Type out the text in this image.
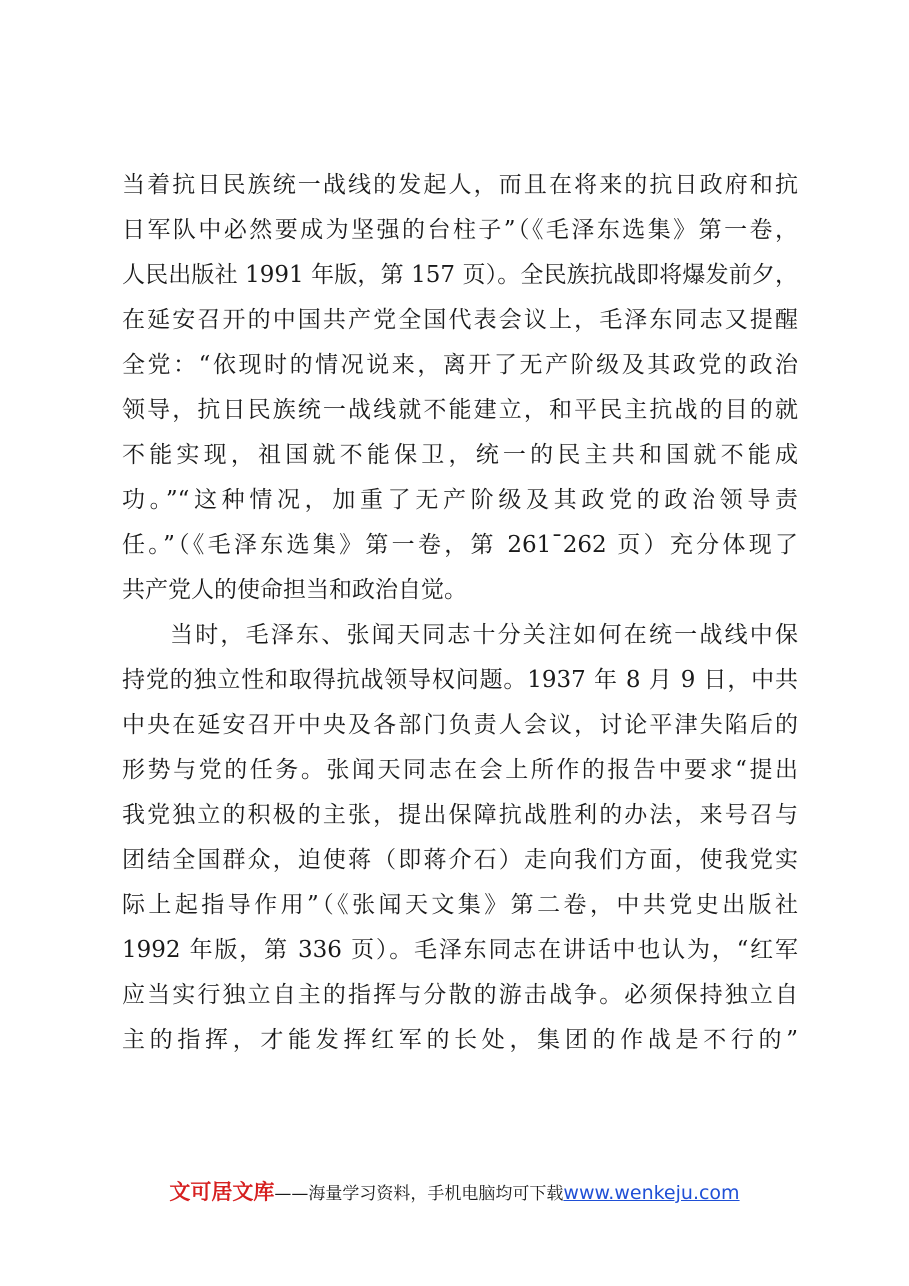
当着抗日民族统一战线的发起人，而且在将来的抗日政府和抗
日军队中必然要成为坚强的台柱子”（《毛泽东选集》第一卷，
人民出版社 1991 年版，第 157 页）。全民族抗战即将爆发前夕，
在延安召开的中国共产党全国代表会议上，毛泽东同志又提醒
全党：“依现时的情况说来，离开了无产阶级及其政党的政治
领导，抗日民族统一战线就不能建立，和平民主抗战的目的就
不能实现，祖国就不能保卫，统一的民主共和国就不能成
功。”“这种情况，加重了无产阶级及其政党的政治领导责
任。”（《毛泽东选集》第一卷，第 261¯262 页）充分体现了
共产党人的使命担当和政治自觉。
当时，毛泽东、张闻天同志十分关注如何在统一战线中保
持党的独立性和取得抗战领导权问题。1937 年 8 月 9 日，中共
中央在延安召开中央及各部门负责人会议，讨论平津失陷后的
形势与党的任务。张闻天同志在会上所作的报告中要求“提出
我党独立的积极的主张，提出保障抗战胜利的办法，来号召与
团结全国群众，迫使蒋（即蒋介石）走向我们方面，使我党实
际上起指导作用”（《张闻天文集》第二卷，中共党史出版社
1992 年版，第 336 页）。毛泽东同志在讲话中也认为，“红军
应当实行独立自主的指挥与分散的游击战争。必须保持独立自
主的指挥，才能发挥红军的长处，集团的作战是不行的”
文可居文库——海量学习资料，手机电脑均可下载www.wenkeju.com
